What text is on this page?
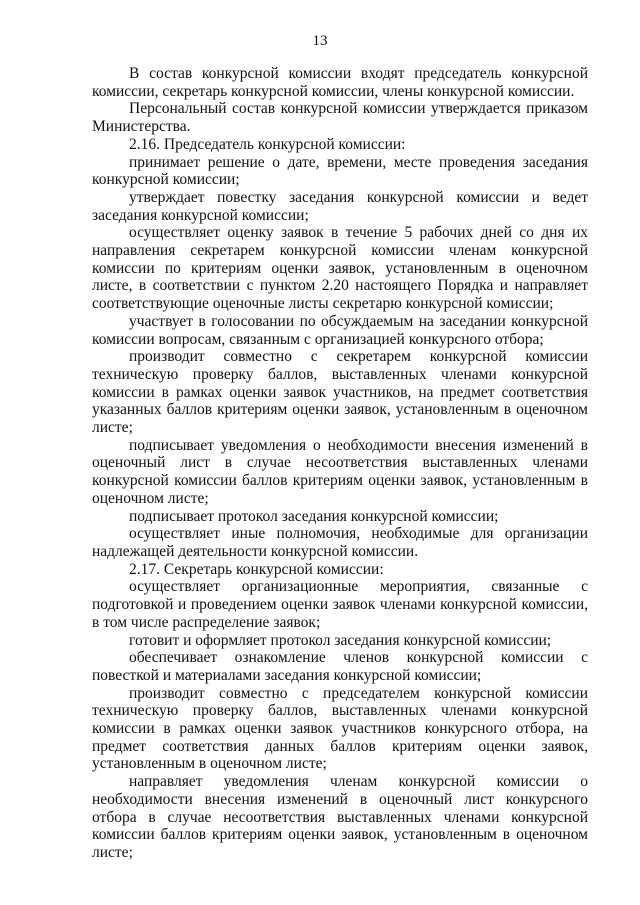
13

В состав конкурсной комиссии входят председатель конкурсной комиссии, секретарь конкурсной комиссии, члены конкурсной комиссии.

Персональный состав конкурсной комиссии утверждается приказом Министерства.

2.16. Председатель конкурсной комиссии:

принимает решение о дате, времени, месте проведения заседания конкурсной комиссии;

утверждает повестку заседания конкурсной комиссии и ведет заседания конкурсной комиссии;

осуществляет оценку заявок в течение 5 рабочих дней со дня их направления секретарем конкурсной комиссии членам конкурсной комиссии по критериям оценки заявок, установленным в оценочном листе, в соответствии с пунктом 2.20 настоящего Порядка и направляет соответствующие оценочные листы секретарю конкурсной комиссии;

участвует в голосовании по обсуждаемым на заседании конкурсной комиссии вопросам, связанным с организацией конкурсного отбора;

производит совместно с секретарем конкурсной комиссии техническую проверку баллов, выставленных членами конкурсной комиссии в рамках оценки заявок участников, на предмет соответствия указанных баллов критериям оценки заявок, установленным в оценочном листе;

подписывает уведомления о необходимости внесения изменений в оценочный лист в случае несоответствия выставленных членами конкурсной комиссии баллов критериям оценки заявок, установленным в оценочном листе;

подписывает протокол заседания конкурсной комиссии;

осуществляет иные полномочия, необходимые для организации надлежащей деятельности конкурсной комиссии.

2.17. Секретарь конкурсной комиссии:

осуществляет организационные мероприятия, связанные с подготовкой и проведением оценки заявок членами конкурсной комиссии, в том числе распределение заявок;

готовит и оформляет протокол заседания конкурсной комиссии;

обеспечивает ознакомление членов конкурсной комиссии с повесткой и материалами заседания конкурсной комиссии;

производит совместно с председателем конкурсной комиссии техническую проверку баллов, выставленных членами конкурсной комиссии в рамках оценки заявок участников конкурсного отбора, на предмет соответствия данных баллов критериям оценки заявок, установленным в оценочном листе;

направляет уведомления членам конкурсной комиссии о необходимости внесения изменений в оценочный лист конкурсного отбора в случае несоответствия выставленных членами конкурсной комиссии баллов критериям оценки заявок, установленным в оценочном листе;
